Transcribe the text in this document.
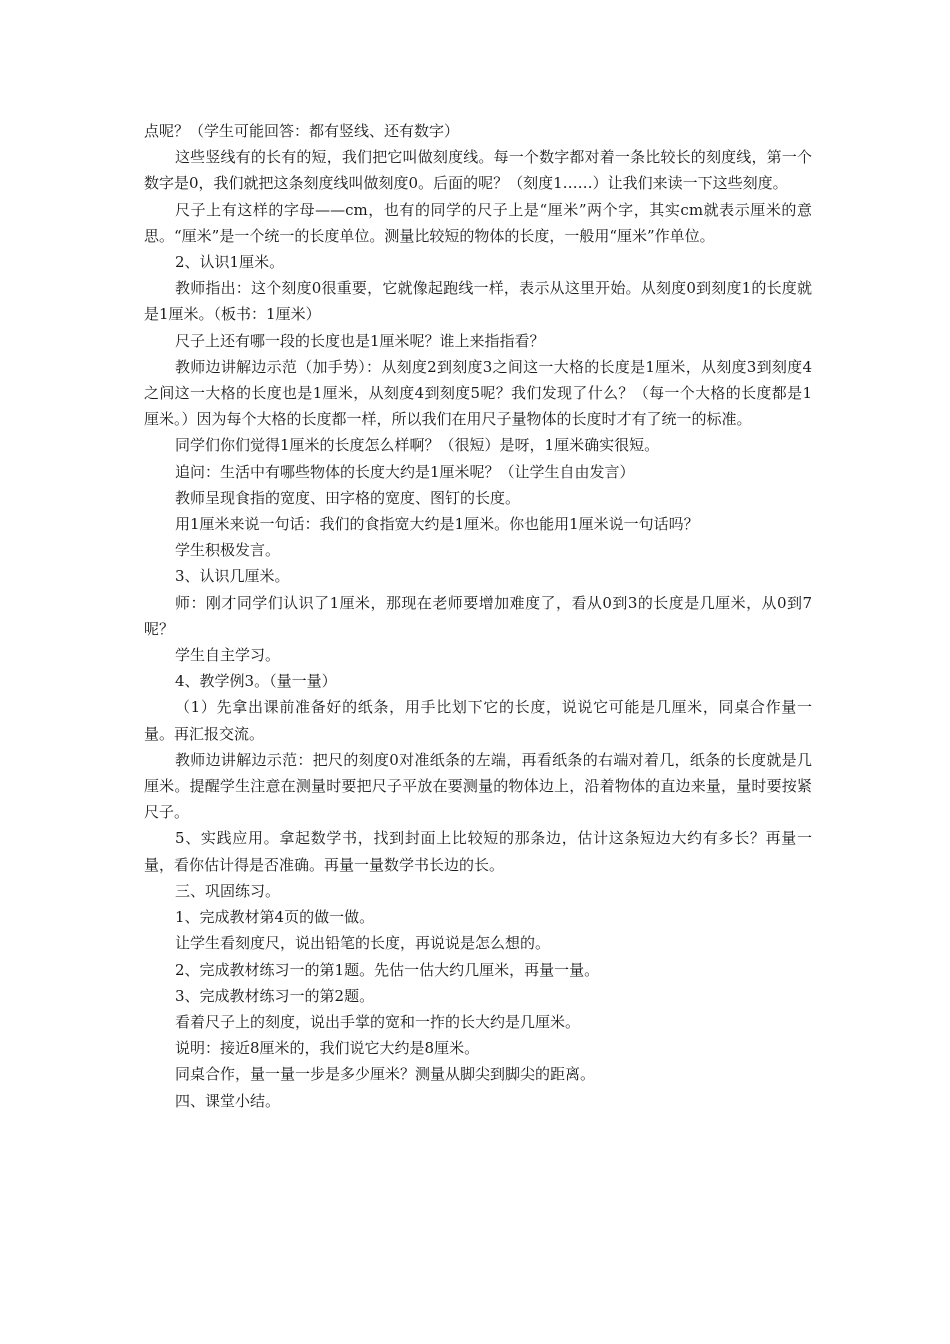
点呢？（学生可能回答：都有竖线、还有数字）

这些竖线有的长有的短，我们把它叫做刻度线。每一个数字都对着一条比较长的刻度线，第一个数字是0，我们就把这条刻度线叫做刻度0。后面的呢？（刻度1……）让我们来读一下这些刻度。

尺子上有这样的字母——cm，也有的同学的尺子上是“厘米”两个字，其实cm就表示厘米的意思。“厘米”是一个统一的长度单位。测量比较短的物体的长度，一般用“厘米”作单位。

2、认识1厘米。

教师指出：这个刻度0很重要，它就像起跑线一样，表示从这里开始。从刻度0到刻度1的长度就是1厘米。（板书：1厘米）

尺子上还有哪一段的长度也是1厘米呢？谁上来指指看？

教师边讲解边示范（加手势）：从刻度2到刻度3之间这一大格的长度是1厘米，从刻度3到刻度4之间这一大格的长度也是1厘米，从刻度4到刻度5呢？我们发现了什么？（每一个大格的长度都是1厘米。）因为每个大格的长度都一样，所以我们在用尺子量物体的长度时才有了统一的标准。

同学们你们觉得1厘米的长度怎么样啊？（很短）是呀，1厘米确实很短。

追问：生活中有哪些物体的长度大约是1厘米呢？（让学生自由发言）

教师呈现食指的宽度、田字格的宽度、图钉的长度。

用1厘米来说一句话：我们的食指宽大约是1厘米。你也能用1厘米说一句话吗？

学生积极发言。

3、认识几厘米。

师：刚才同学们认识了1厘米，那现在老师要增加难度了，看从0到3的长度是几厘米，从0到7呢？

学生自主学习。

4、教学例3。（量一量）

（1）先拿出课前准备好的纸条，用手比划下它的长度，说说它可能是几厘米，同桌合作量一量。再汇报交流。

教师边讲解边示范：把尺的刻度0对准纸条的左端，再看纸条的右端对着几，纸条的长度就是几厘米。提醒学生注意在测量时要把尺子平放在要测量的物体边上，沿着物体的直边来量，量时要按紧尺子。

5、实践应用。拿起数学书，找到封面上比较短的那条边，估计这条短边大约有多长？再量一量，看你估计得是否准确。再量一量数学书长边的长。

三、巩固练习。

1、完成教材第4页的做一做。

让学生看刻度尺，说出铅笔的长度，再说说是怎么想的。

2、完成教材练习一的第1题。先估一估大约几厘米，再量一量。

3、完成教材练习一的第2题。

看着尺子上的刻度，说出手掌的宽和一拃的长大约是几厘米。

说明：接近8厘米的，我们说它大约是8厘米。

同桌合作，量一量一步是多少厘米？测量从脚尖到脚尖的距离。

四、课堂小结。
